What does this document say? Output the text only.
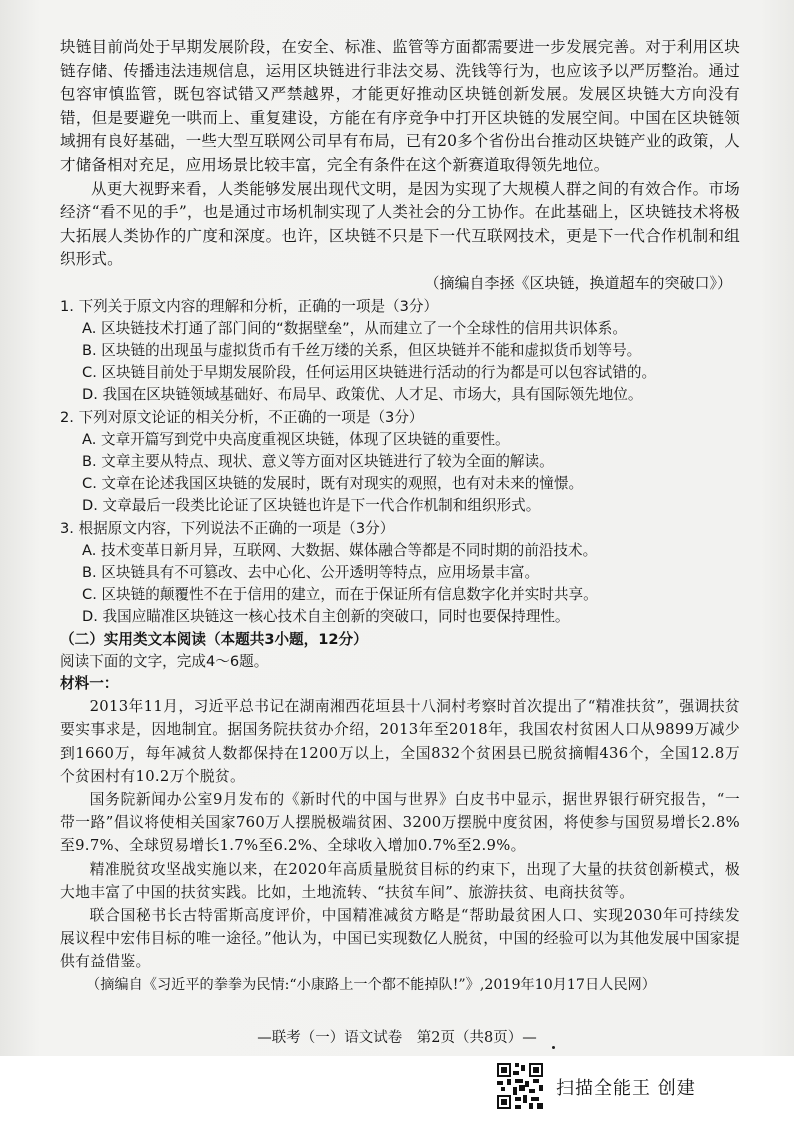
块链目前尚处于早期发展阶段，在安全、标准、监管等方面都需要进一步发展完善。对于利用区块链存储、传播违法违规信息，运用区块链进行非法交易、洗钱等行为，也应该予以严厉整治。通过包容审慎监管，既包容试错又严禁越界，才能更好推动区块链创新发展。发展区块链大方向没有错，但是要避免一哄而上、重复建设，方能在有序竞争中打开区块链的发展空间。中国在区块链领域拥有良好基础，一些大型互联网公司早有布局，已有20多个省份出台推动区块链产业的政策，人才储备相对充足，应用场景比较丰富，完全有条件在这个新赛道取得领先地位。

从更大视野来看，人类能够发展出现代文明，是因为实现了大规模人群之间的有效合作。市场经济“看不见的手”，也是通过市场机制实现了人类社会的分工协作。在此基础上，区块链技术将极大拓展人类协作的广度和深度。也许，区块链不只是下一代互联网技术，更是下一代合作机制和组织形式。

（摘编自李拯《区块链，换道超车的突破口》）

1. 下列关于原文内容的理解和分析，正确的一项是（3分）

A. 区块链技术打通了部门间的“数据壁垒”，从而建立了一个全球性的信用共识体系。

B. 区块链的出现虽与虚拟货币有千丝万缕的关系，但区块链并不能和虚拟货币划等号。

C. 区块链目前处于早期发展阶段，任何运用区块链进行活动的行为都是可以包容试错的。

D. 我国在区块链领域基础好、布局早、政策优、人才足、市场大，具有国际领先地位。

2. 下列对原文论证的相关分析，不正确的一项是（3分）

A. 文章开篇写到党中央高度重视区块链，体现了区块链的重要性。

B. 文章主要从特点、现状、意义等方面对区块链进行了较为全面的解读。

C. 文章在论述我国区块链的发展时，既有对现实的观照，也有对未来的憧憬。

D. 文章最后一段类比论证了区块链也许是下一代合作机制和组织形式。

3. 根据原文内容，下列说法不正确的一项是（3分）

A. 技术变革日新月异，互联网、大数据、媒体融合等都是不同时期的前沿技术。

B. 区块链具有不可篡改、去中心化、公开透明等特点，应用场景丰富。

C. 区块链的颠覆性不在于信用的建立，而在于保证所有信息数字化并实时共享。

D. 我国应瞄准区块链这一核心技术自主创新的突破口，同时也要保持理性。

（二）实用类文本阅读（本题共3小题，12分）

阅读下面的文字，完成4～6题。

材料一：

2013年11月，习近平总书记在湖南湘西花垣县十八洞村考察时首次提出了“精准扶贫”，强调扶贫要实事求是，因地制宜。据国务院扶贫办介绍，2013年至2018年，我国农村贫困人口从9899万减少到1660万，每年减贫人数都保持在1200万以上，全国832个贫困县已脱贫摘帽436个，全国12.8万个贫困村有10.2万个脱贫。

国务院新闻办公室9月发布的《新时代的中国与世界》白皮书中显示，据世界银行研究报告，“一带一路”倡议将使相关国家760万人摆脱极端贫困、3200万摆脱中度贫困，将使参与国贸易增长2.8%至9.7%、全球贸易增长1.7%至6.2%、全球收入增加0.7%至2.9%。

精准脱贫攻坚战实施以来，在2020年高质量脱贫目标的约束下，出现了大量的扶贫创新模式，极大地丰富了中国的扶贫实践。比如，土地流转、“扶贫车间”、旅游扶贫、电商扶贫等。

联合国秘书长古特雷斯高度评价，中国精准减贫方略是“帮助最贫困人口、实现2030年可持续发展议程中宏伟目标的唯一途径。”他认为，中国已实现数亿人脱贫，中国的经验可以为其他发展中国家提供有益借鉴。

（摘编自《习近平的拳拳为民情:“小康路上一个都不能掉队!”》,2019年10月17日人民网）

—联考（一）语文试卷　第2页（共8页）—
扫描全能王 创建
